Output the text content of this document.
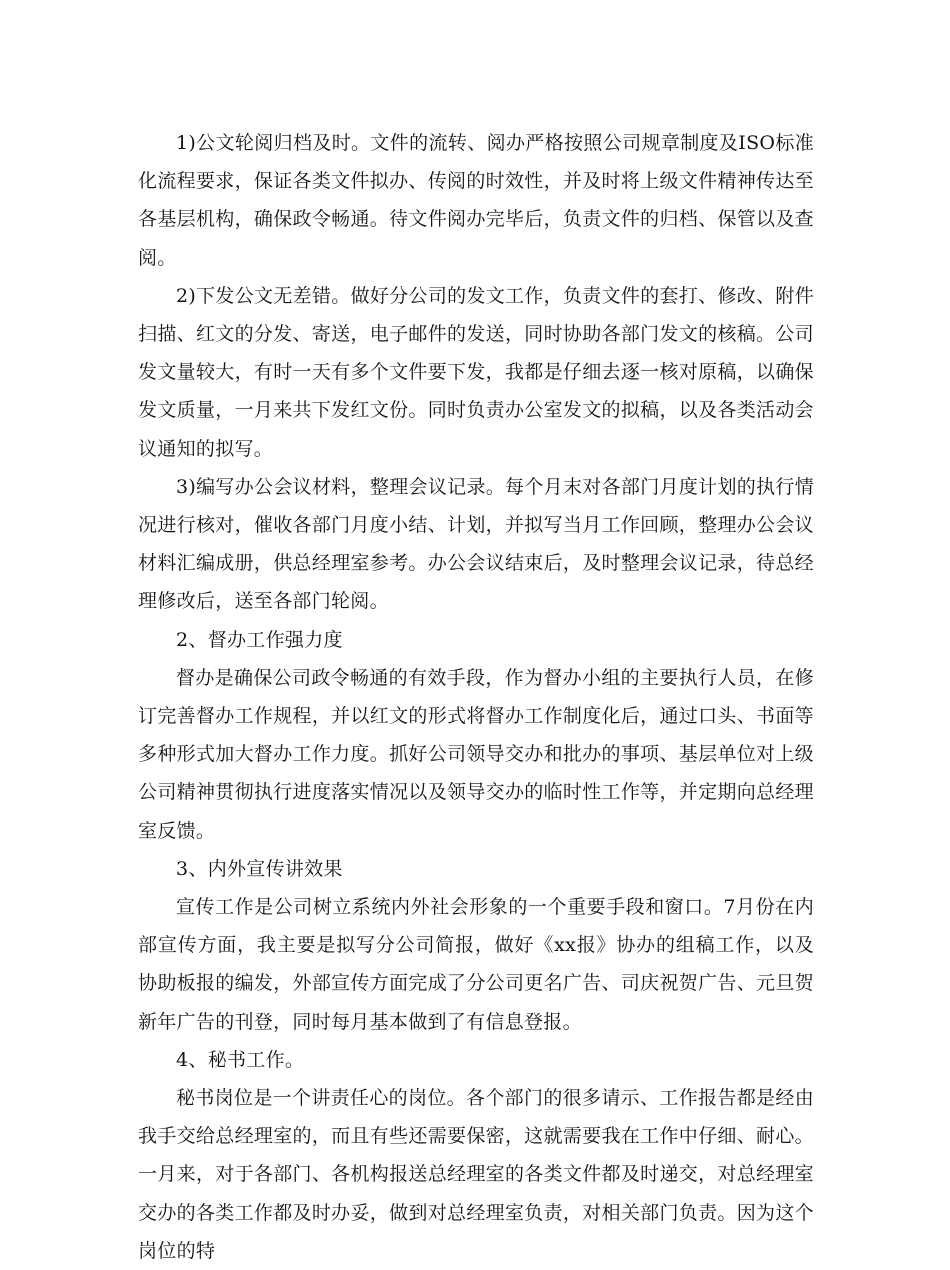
1)公文轮阅归档及时。文件的流转、阅办严格按照公司规章制度及ISO标准化流程要求，保证各类文件拟办、传阅的时效性，并及时将上级文件精神传达至各基层机构，确保政令畅通。待文件阅办完毕后，负责文件的归档、保管以及查阅。

2)下发公文无差错。做好分公司的发文工作，负责文件的套打、修改、附件扫描、红文的分发、寄送，电子邮件的发送，同时协助各部门发文的核稿。公司发文量较大，有时一天有多个文件要下发，我都是仔细去逐一核对原稿，以确保发文质量，一月来共下发红文份。同时负责办公室发文的拟稿，以及各类活动会议通知的拟写。

3)编写办公会议材料，整理会议记录。每个月末对各部门月度计划的执行情况进行核对，催收各部门月度小结、计划，并拟写当月工作回顾，整理办公会议材料汇编成册，供总经理室参考。办公会议结束后，及时整理会议记录，待总经理修改后，送至各部门轮阅。

2、督办工作强力度

督办是确保公司政令畅通的有效手段，作为督办小组的主要执行人员，在修订完善督办工作规程，并以红文的形式将督办工作制度化后，通过口头、书面等多种形式加大督办工作力度。抓好公司领导交办和批办的事项、基层单位对上级公司精神贯彻执行进度落实情况以及领导交办的临时性工作等，并定期向总经理室反馈。

3、内外宣传讲效果

宣传工作是公司树立系统内外社会形象的一个重要手段和窗口。7月份在内部宣传方面，我主要是拟写分公司简报，做好《xx报》协办的组稿工作，以及协助板报的编发，外部宣传方面完成了分公司更名广告、司庆祝贺广告、元旦贺新年广告的刊登，同时每月基本做到了有信息登报。

4、秘书工作。

秘书岗位是一个讲责任心的岗位。各个部门的很多请示、工作报告都是经由我手交给总经理室的，而且有些还需要保密，这就需要我在工作中仔细、耐心。一月来，对于各部门、各机构报送总经理室的各类文件都及时递交，对总经理室交办的各类工作都及时办妥，做到对总经理室负责，对相关部门负责。因为这个岗位的特
